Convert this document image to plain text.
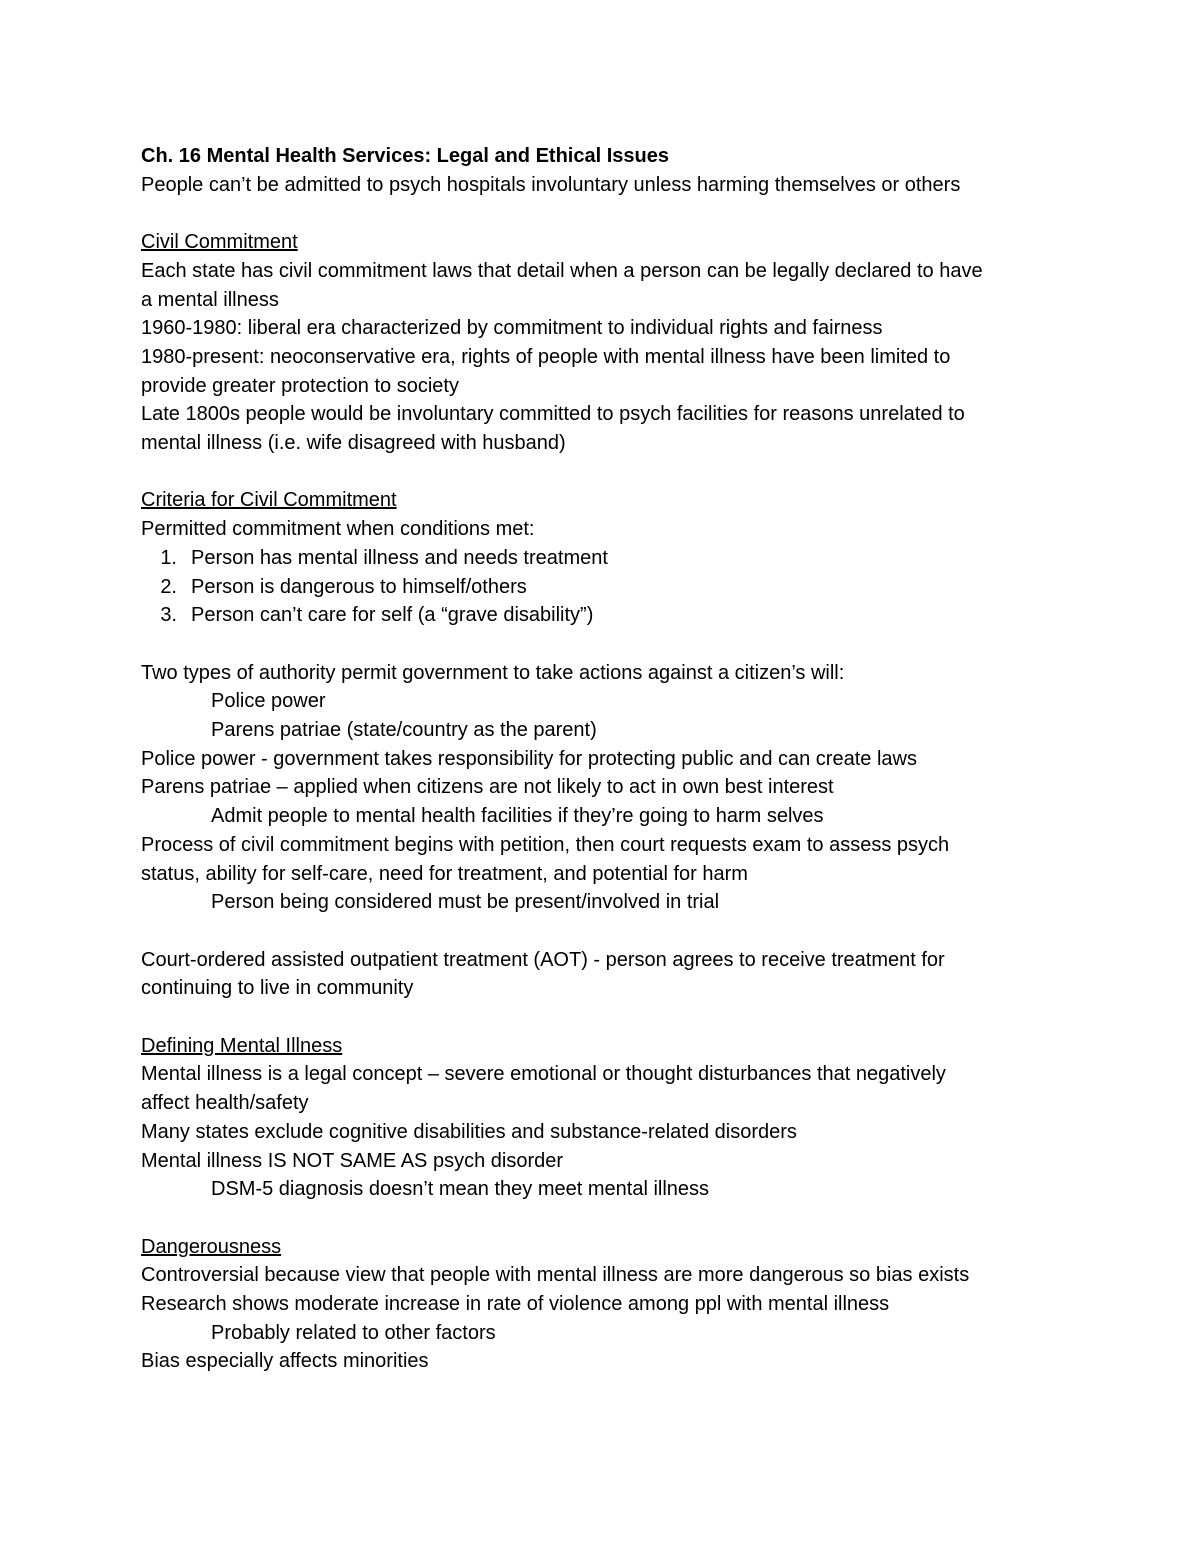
Ch. 16 Mental Health Services: Legal and Ethical Issues
People can’t be admitted to psych hospitals involuntary unless harming themselves or others
Civil Commitment
Each state has civil commitment laws that detail when a person can be legally declared to have
a mental illness
1960-1980: liberal era characterized by commitment to individual rights and fairness
1980-present: neoconservative era, rights of people with mental illness have been limited to
provide greater protection to society
Late 1800s people would be involuntary committed to psych facilities for reasons unrelated to
mental illness (i.e. wife disagreed with husband)
Criteria for Civil Commitment
Permitted commitment when conditions met:
1. Person has mental illness and needs treatment
2. Person is dangerous to himself/others
3. Person can’t care for self (a “grave disability”)
Two types of authority permit government to take actions against a citizen’s will:
Police power
Parens patriae (state/country as the parent)
Police power - government takes responsibility for protecting public and can create laws
Parens patriae – applied when citizens are not likely to act in own best interest
Admit people to mental health facilities if they’re going to harm selves
Process of civil commitment begins with petition, then court requests exam to assess psych
status, ability for self-care, need for treatment, and potential for harm
Person being considered must be present/involved in trial
Court-ordered assisted outpatient treatment (AOT) - person agrees to receive treatment for
continuing to live in community
Defining Mental Illness
Mental illness is a legal concept – severe emotional or thought disturbances that negatively
affect health/safety
Many states exclude cognitive disabilities and substance-related disorders
Mental illness IS NOT SAME AS psych disorder
DSM-5 diagnosis doesn’t mean they meet mental illness
Dangerousness
Controversial because view that people with mental illness are more dangerous so bias exists
Research shows moderate increase in rate of violence among ppl with mental illness
Probably related to other factors
Bias especially affects minorities
